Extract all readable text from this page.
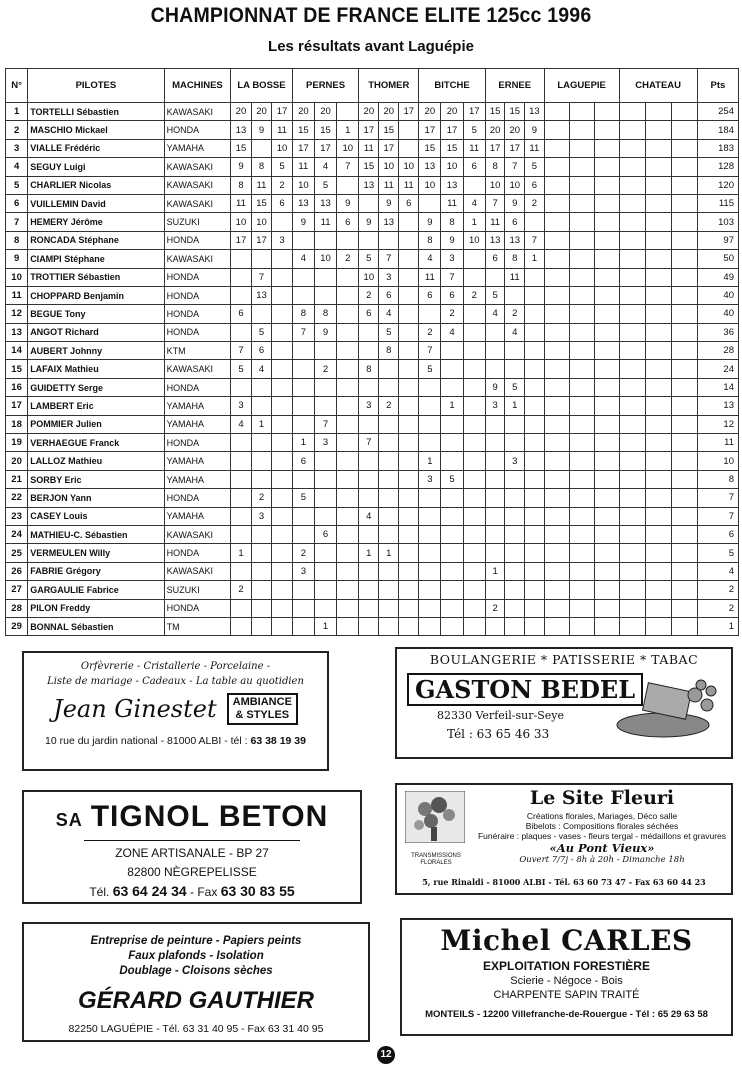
CHAMPIONNAT DE FRANCE ELITE 125cc 1996
Les résultats avant Laguépie
N°	PILOTES	MACHINES	LA BOSSE			PERNES			THOMER			BITCHE			ERNEE			LAGUEPIE			CHATEAU			Pts
1	TORTELLI Sébastien	KAWASAKI	20	20	17	20	20		20	20	17	20	20	17	15	15	13							254
2	MASCHIO Mickael	HONDA	13	9	11	15	15	1	17	15		17	17	5	20	20	9							184
3	VIALLE Frédéric	YAMAHA	15		10	17	17	10	11	17		15	15	11	17	17	11							183
4	SEGUY Luigi	KAWASAKI	9	8	5	11	4	7	15	10	10	13	10	6	8	7	5							128
5	CHARLIER Nicolas	KAWASAKI	8	11	2	10	5		13	11	11	10	13		10	10	6							120
6	VUILLEMIN David	KAWASAKI	11	15	6	13	13	9		9	6		11	4	7	9	2							115
7	HEMERY Jérôme	SUZUKI	10	10		9	11	6	9	13		9	8	1	11	6								103
8	RONCADA Stéphane	HONDA	17	17	3							8	9	10	13	13	7							97
9	CIAMPI Stéphane	KAWASAKI				4	10	2	5	7		4	3		6	8	1							50
10	TROTTIER Sébastien	HONDA		7					10	3		11	7			11								49
11	CHOPPARD Benjamin	HONDA		13					2	6		6	6	2	5									40
12	BEGUE Tony	HONDA	6			8	8		6	4			2		4	2								40
13	ANGOT Richard	HONDA		5		7	9			5		2	4			4								36
14	AUBERT Johnny	KTM	7	6						8		7												28
15	LAFAIX Mathieu	KAWASAKI	5	4			2		8			5												24
16	GUIDETTY Serge	HONDA													9	5								14
17	LAMBERT Eric	YAMAHA	3						3	2			1		3	1								13
18	POMMIER Julien	YAMAHA	4	1			7																	12
19	VERHAEGUE Franck	HONDA				1	3		7															11
20	LALLOZ Mathieu	YAMAHA				6						1				3								10
21	SORBY Eric	YAMAHA										3	5											8
22	BERJON Yann	HONDA		2		5																		7
23	CASEY Louis	YAMAHA		3					4															7
24	MATHIEU-C. Sébastien	KAWASAKI					6																	6
25	VERMEULEN Willy	HONDA	1			2			1	1														5
26	FABRIE Grégory	KAWASAKI				3									1									4
27	GARGAULIE Fabrice	SUZUKI	2																					2
28	PILON Freddy	HONDA													2									2
29	BONNAL Sébastien	TM					1																	1
Orfèvrerie - Cristallerie - Porcelaine -
Liste de mariage - Cadeaux - La table au quotidien
Jean Ginestet	AMBIANCE
& STYLES
10 rue du jardin national - 81000 ALBI - tél : 63 38 19 39
BOULANGERIE * PATISSERIE * TABAC
GASTON BEDEL
82330 Verfeil-sur-Seye
Tél : 63 65 46 33
SA TIGNOL BETON
ZONE ARTISANALE - BP 27
82800 NÈGREPELISSE
Tél. 63 64 24 34 - Fax 63 30 83 55
TRANSMISSIONS FLORALES
Le Site Fleuri
Créations florales, Mariages, Déco salle
Bibelots : Compositions florales séchées
Funéraire : plaques - vases - fleurs tergal - médaillons et gravures
«Au Pont Vieux»
Ouvert 7/7j - 8h à 20h - Dimanche 18h
5, rue Rinaldi - 81000 ALBI - Tél. 63 60 73 47 - Fax 63 60 44 23
Entreprise de peinture - Papiers peints
Faux plafonds - Isolation
Doublage - Cloisons sèches
GÉRARD GAUTHIER
82250 LAGUÉPIE - Tél. 63 31 40 95 - Fax 63 31 40 95
Michel CARLES
EXPLOITATION FORESTIÈRE
Scierie - Négoce - Bois
CHARPENTE SAPIN TRAITÉ
MONTEILS - 12200 Villefranche-de-Rouergue - Tél : 65 29 63 58
12
